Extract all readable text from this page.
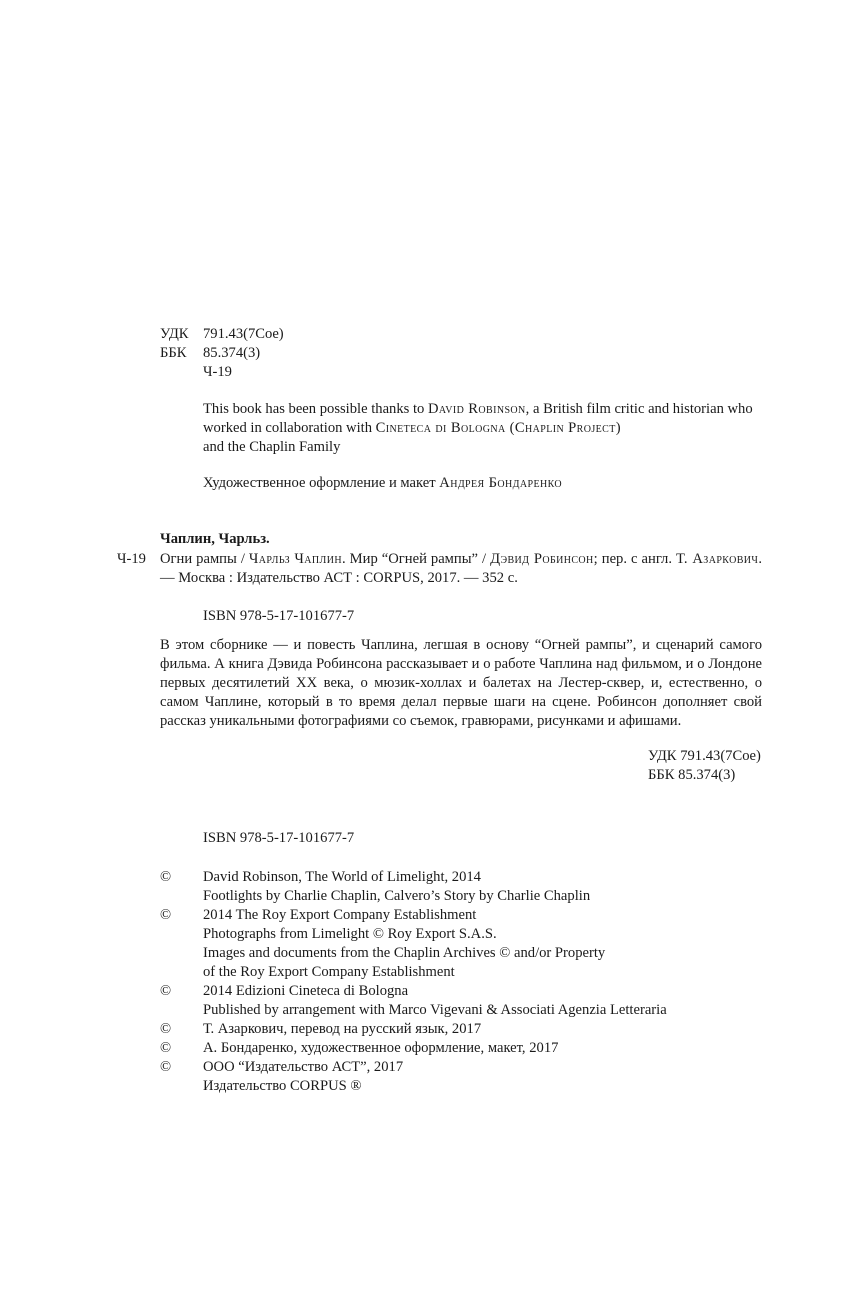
УДК 791.43(7Coe)
ББК 85.374(3)
Ч-19
This book has been possible thanks to David Robinson, a British film critic and historian who worked in collaboration with Cineteca di Bologna (Chaplin Project)
and the Chaplin Family
Художественное оформление и макет Андрея Бондаренко
Чаплин, Чарльз.
Ч-19 Огни рампы / Чарльз Чаплин. Мир “Огней рампы” / Дэвид Робинсон; пер. с англ. Т. Азаркович. — Москва : Издательство АСТ : CORPUS, 2017. — 352 с.
ISBN 978-5-17-101677-7
В этом сборнике — и повесть Чаплина, легшая в основу “Огней рампы”, и сценарий самого фильма. А книга Дэвида Робинсона рассказывает и о работе Чаплина над фильмом, и о Лондоне первых десятилетий XX века, о мюзик-холлах и балетах на Лестер-сквер, и, естественно, о самом Чаплине, который в то время делал первые шаги на сцене. Робинсон дополняет свой рассказ уникальными фотографиями со съемок, гравюрами, рисунками и афишами.
УДК 791.43(7Coe)
ББК 85.374(3)
ISBN 978-5-17-101677-7
© David Robinson, The World of Limelight, 2014
Footlights by Charlie Chaplin, Calvero’s Story by Charlie Chaplin
© 2014 The Roy Export Company Establishment
Photographs from Limelight © Roy Export S.A.S.
Images and documents from the Chaplin Archives © and/or Property
of the Roy Export Company Establishment
© 2014 Edizioni Cineteca di Bologna
Published by arrangement with Marco Vigevani & Associati Agenzia Letteraria
© Т. Азаркович, перевод на русский язык, 2017
© А. Бондаренко, художественное оформление, макет, 2017
© ООО “Издательство АСТ”, 2017
Издательство CORPUS ®
